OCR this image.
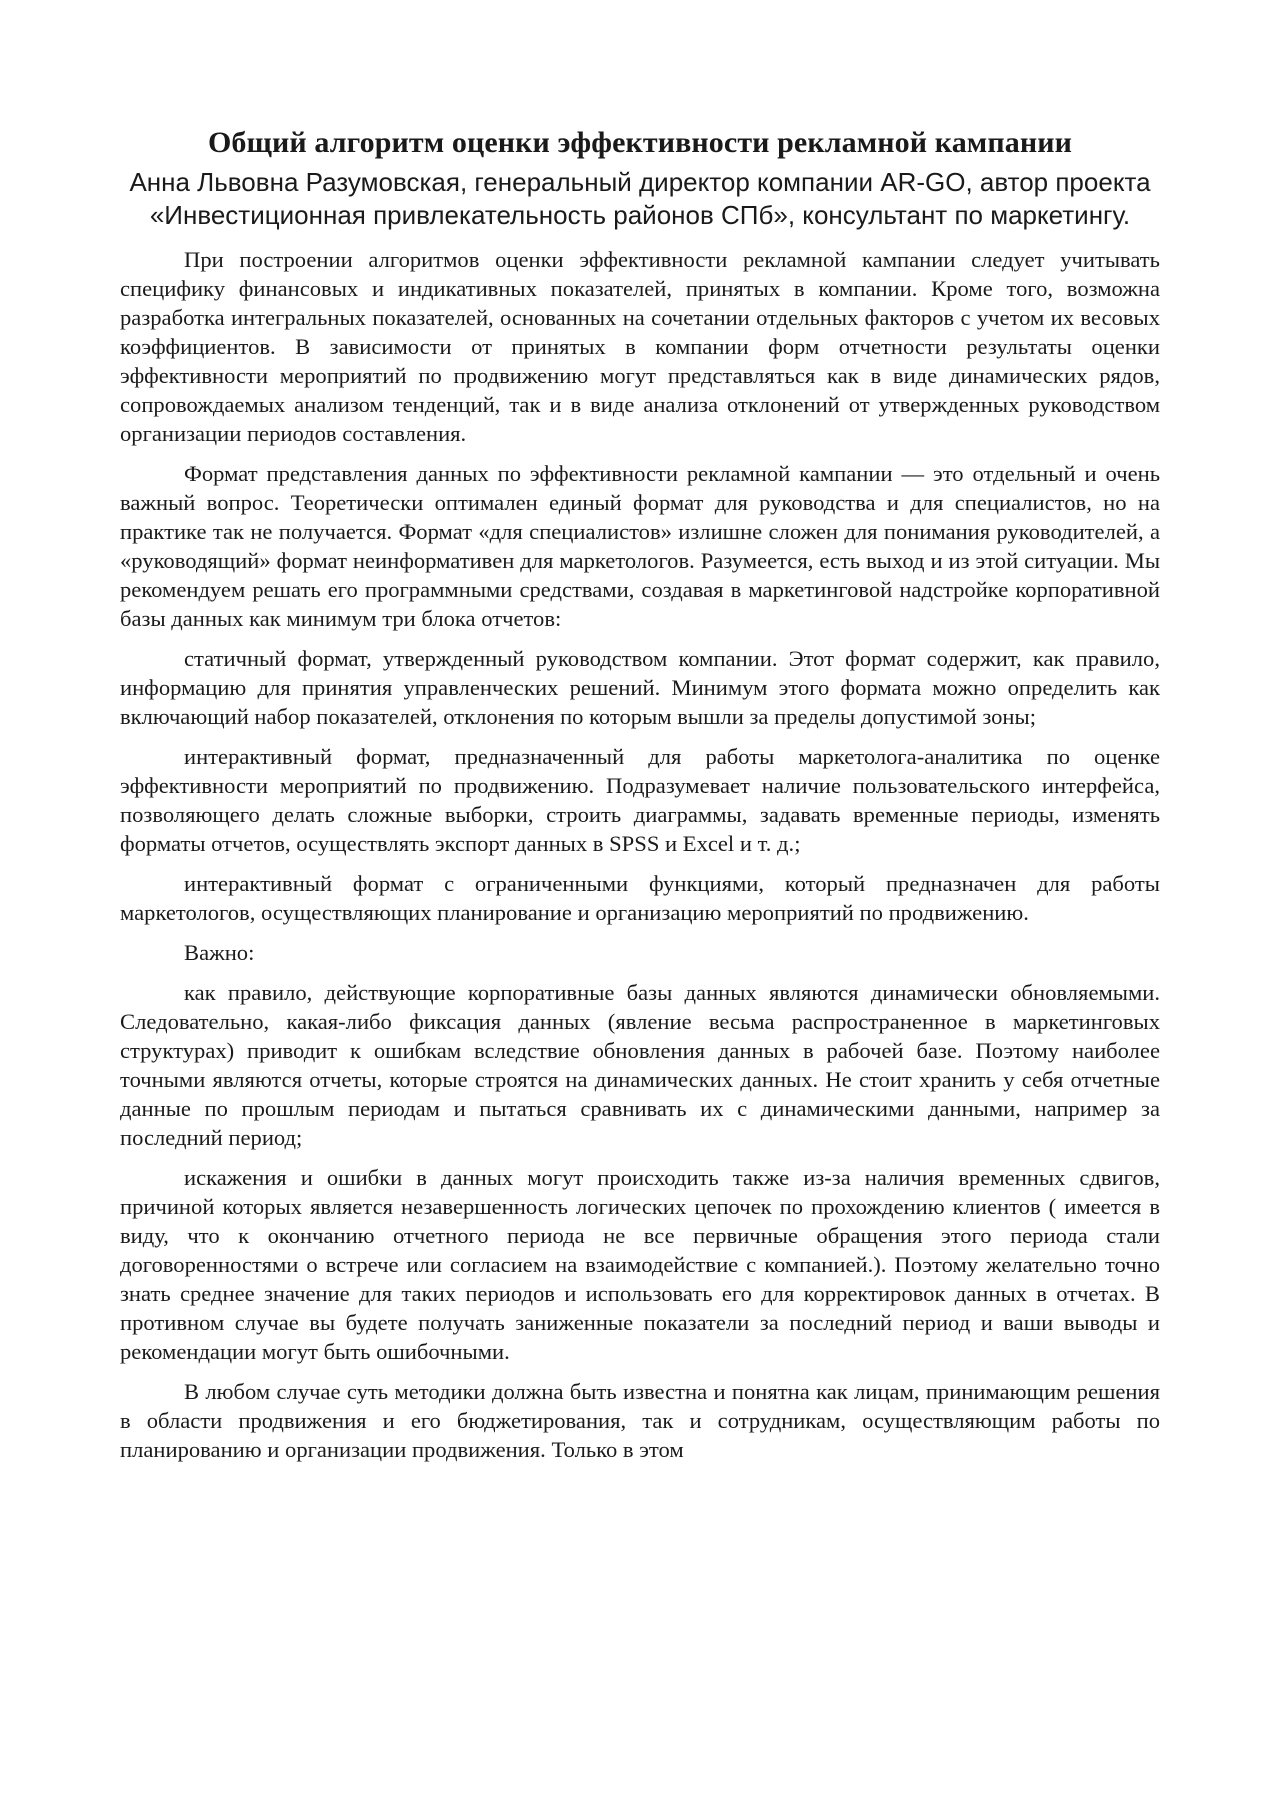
Общий алгоритм оценки эффективности рекламной кампании

Анна Львовна Разумовская, генеральный директор компании AR-GO, автор проекта «Инвестиционная привлекательность районов СПб», консультант по маркетингу.

При построении алгоритмов оценки эффективности рекламной кампании следует учитывать специфику финансовых и индикативных показателей, принятых в компании. Кроме того, возможна разработка интегральных показателей, основанных на сочетании отдельных факторов с учетом их весовых коэффициентов. В зависимости от принятых в компании форм отчетности результаты оценки эффективности мероприятий по продвижению могут представляться как в виде динамических рядов, сопровождаемых анализом тенденций, так и в виде анализа отклонений от утвержденных руководством организации периодов составления.

Формат представления данных по эффективности рекламной кампании — это отдельный и очень важный вопрос. Теоретически оптимален единый формат для руководства и для специалистов, но на практике так не получается. Формат «для специалистов» излишне сложен для понимания руководителей, а «руководящий» формат неинформативен для маркетологов. Разумеется, есть выход и из этой ситуации. Мы рекомендуем решать его программными средствами, создавая в маркетинговой надстройке корпоративной базы данных как минимум три блока отчетов:

статичный формат, утвержденный руководством компании. Этот формат содержит, как правило, информацию для принятия управленческих решений. Минимум этого формата можно определить как включающий набор показателей, отклонения по которым вышли за пределы допустимой зоны;

интерактивный формат, предназначенный для работы маркетолога-аналитика по оценке эффективности мероприятий по продвижению. Подразумевает наличие пользовательского интерфейса, позволяющего делать сложные выборки, строить диаграммы, задавать временные периоды, изменять форматы отчетов, осуществлять экспорт данных в SPSS и Excel и т. д.;

интерактивный формат с ограниченными функциями, который предназначен для работы маркетологов, осуществляющих планирование и организацию мероприятий по продвижению.

Важно:

как правило, действующие корпоративные базы данных являются динамически обновляемыми. Следовательно, какая-либо фиксация данных (явление весьма распространенное в маркетинговых структурах) приводит к ошибкам вследствие обновления данных в рабочей базе. Поэтому наиболее точными являются отчеты, которые строятся на динамических данных. Не стоит хранить у себя отчетные данные по прошлым периодам и пытаться сравнивать их с динамическими данными, например за последний период;

искажения и ошибки в данных могут происходить также из-за наличия временных сдвигов, причиной которых является незавершенность логических цепочек по прохождению клиентов ( имеется в виду, что к окончанию отчетного периода не все первичные обращения этого периода стали договоренностями о встрече или согласием на взаимодействие с компанией.). Поэтому желательно точно знать среднее значение для таких периодов и использовать его для корректировок данных в отчетах. В противном случае вы будете получать заниженные показатели за последний период и ваши выводы и рекомендации могут быть ошибочными.

В любом случае суть методики должна быть известна и понятна как лицам, принимающим решения в области продвижения и его бюджетирования, так и сотрудникам, осуществляющим работы по планированию и организации продвижения. Только в этом
